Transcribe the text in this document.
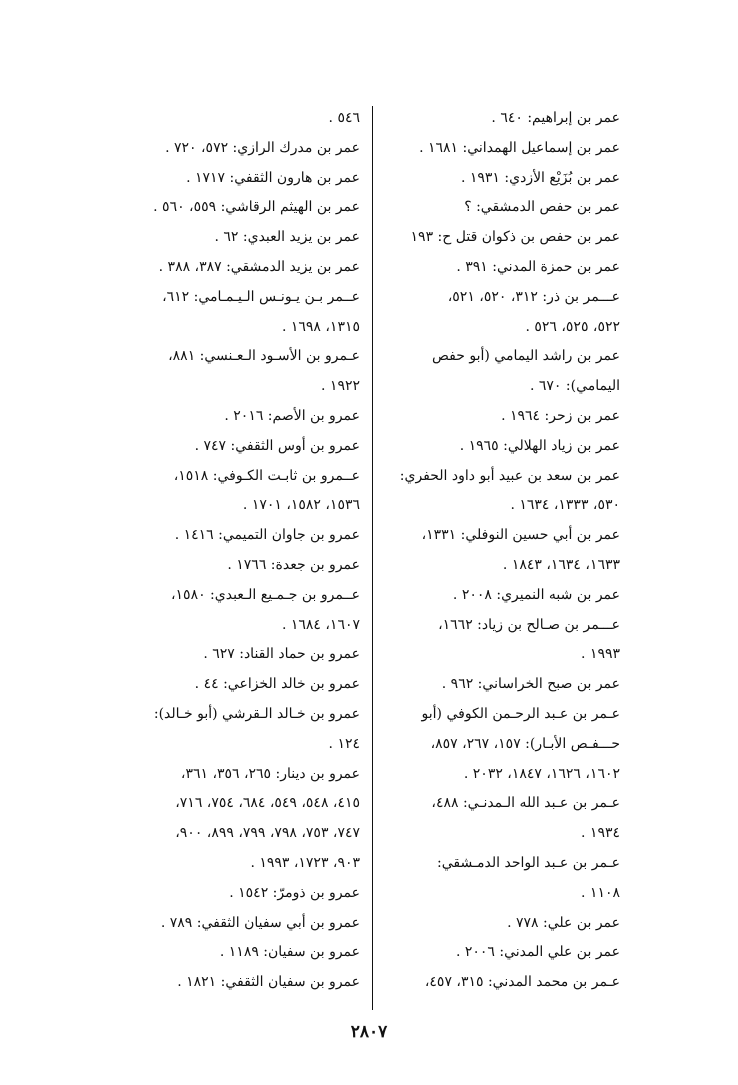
عمر بن إبراهيم: ٦٤٠ .
عمر بن إسماعيل الهمداني: ١٦٨١ .
عمر بن بُزَيْع الأزدي: ١٩٣١ .
عمر بن حفص الدمشقي: ؟
عمر بن حفص بن ذكوان قتل ح: ١٩٣
عمر بن حمزة المدني: ٣٩١ .
عـــمر بن ذر: ٣١٢، ٥٢٠، ٥٢١،
٥٢٢، ٥٢٥، ٥٢٦ .
عمر بن راشد اليمامي (أبو حفص
اليمامي): ٦٧٠ .
عمر بن زحر: ١٩٦٤ .
عمر بن زياد الهلالي: ١٩٦٥ .
عمر بن سعد بن عبيد أبو داود الحفري:
٥٣٠، ١٣٣٣، ١٦٣٤ .
عمر بن أبي حسين النوفلي: ١٣٣١،
١٦٣٣، ١٦٣٤، ١٨٤٣ .
عمر بن شبه النميري: ٢٠٠٨ .
عـــمر بن صـالح بن زياد: ١٦٦٢،
١٩٩٣ .
عمر بن صبح الخراساني: ٩٦٢ .
عـمر بن عـبد الرحـمن الكوفي (أبو
حـــفـص الأبـار): ١٥٧، ٢٦٧، ٨٥٧،
١٦٠٢، ١٦٢٦، ١٨٤٧، ٢٠٣٢ .
عـمر بن عـبد الله الـمدنـي: ٤٨٨،
١٩٣٤ .
عـمر بن عـبد الواحد الدمـشقي:
١١٠٨ .
عمر بن علي: ٧٧٨ .
عمر بن علي المدني: ٢٠٠٦ .
عـمر بن محمد المدني: ٣١٥، ٤٥٧،
٥٤٦ .
عمر بن مدرك الرازي: ٥٧٢، ٧٢٠ .
عمر بن هارون الثقفي: ١٧١٧ .
عمر بن الهيثم الرقاشي: ٥٥٩، ٥٦٠ .
عمر بن يزيد العبدي: ٦٢ .
عمر بن يزيد الدمشقي: ٣٨٧، ٣٨٨ .
عــمر بـن يـونـس الـيـمـامي: ٦١٢،
١٣١٥، ١٦٩٨ .
عـمرو بن الأسـود الـعـنسي: ٨٨١،
١٩٢٢ .
عمرو بن الأصم: ٢٠١٦ .
عمرو بن أوس الثقفي: ٧٤٧ .
عــمرو بن ثابـت الكـوفي: ١٥١٨،
١٥٣٦، ١٥٨٢، ١٧٠١ .
عمرو بن جاوان التميمي: ١٤١٦ .
عمرو بن جعدة: ١٧٦٦ .
عــمرو بن جـمـيع الـعبدي: ١٥٨٠،
١٦٠٧، ١٦٨٤ .
عمرو بن حماد القناد: ٦٢٧ .
عمرو بن خالد الخزاعي: ٤٤ .
عمرو بن خـالد الـقرشي (أبو خـالد):
١٢٤ .
عمرو بن دينار: ٢٦٥، ٣٥٦، ٣٦١،
٤١٥، ٥٤٨، ٥٤٩، ٦٨٤، ٧٥٤، ٧١٦،
٧٤٧، ٧٥٣، ٧٩٨، ٧٩٩، ٨٩٩، ٩٠٠،
٩٠٣، ١٧٢٣، ١٩٩٣ .
عمرو بن ذومرّ: ١٥٤٢ .
عمرو بن أبي سفيان الثقفي: ٧٨٩ .
عمرو بن سفيان: ١١٨٩ .
عمرو بن سفيان الثقفي: ١٨٢١ .
٢٨٠٧
